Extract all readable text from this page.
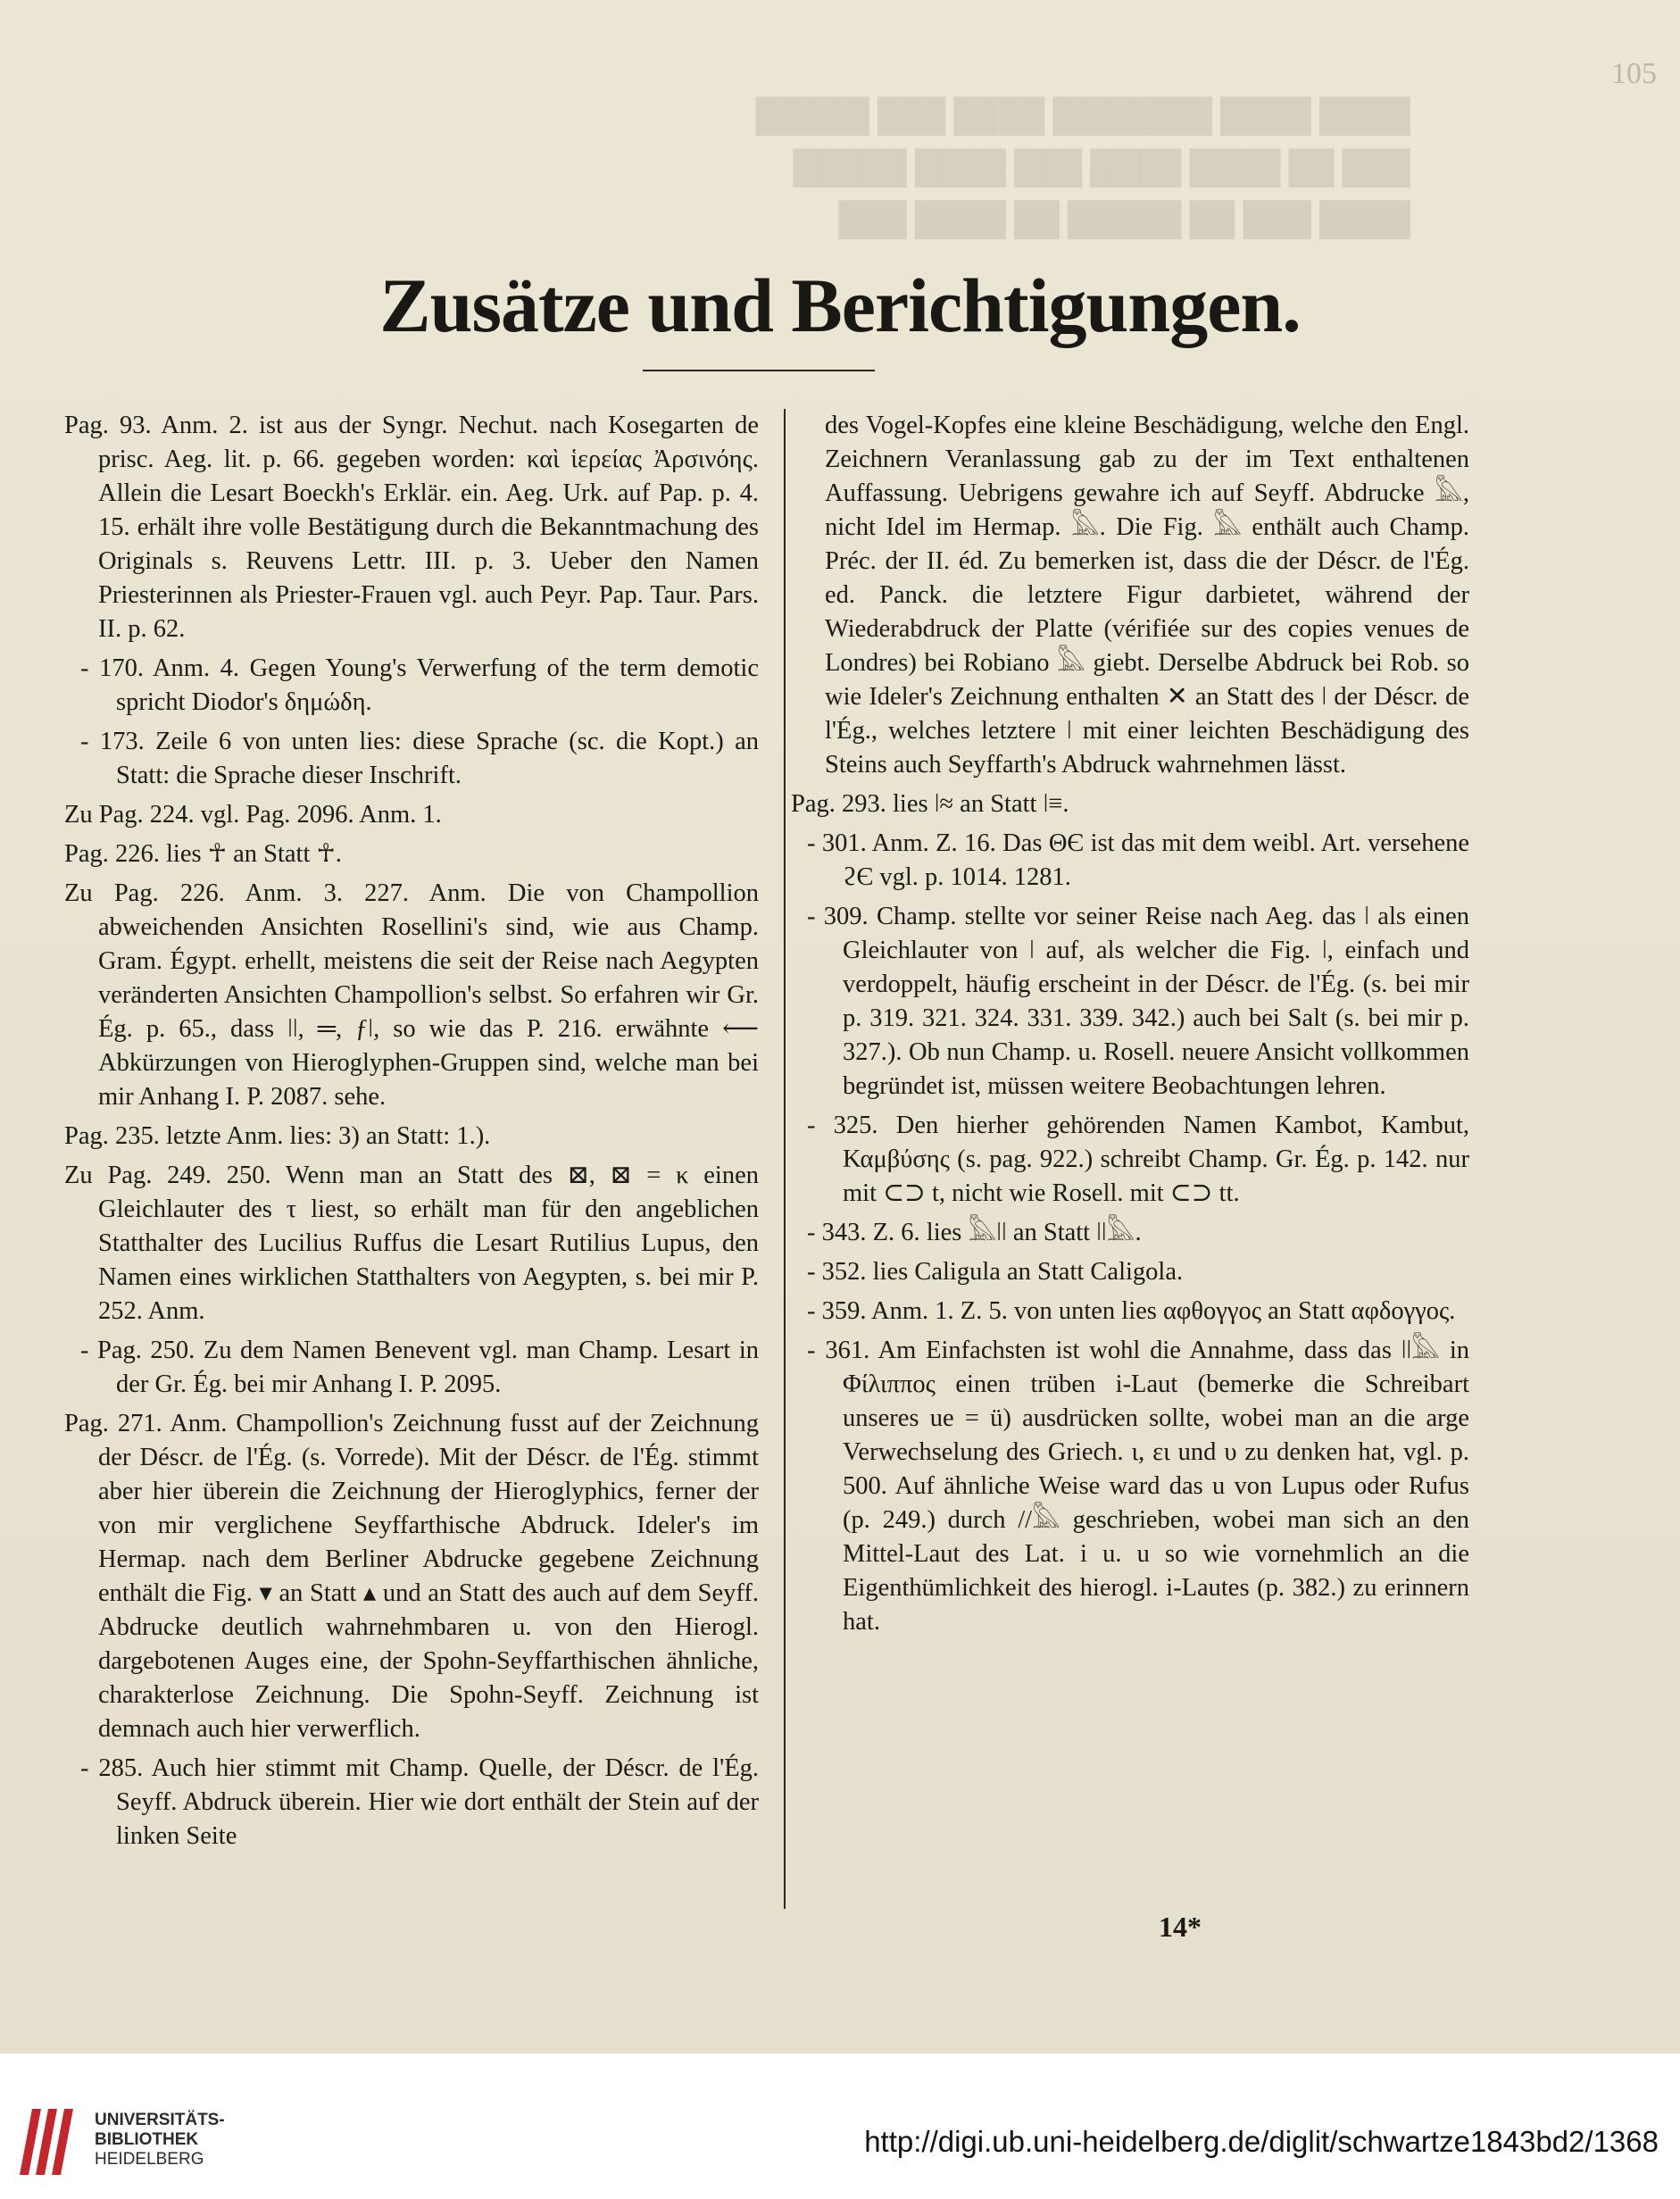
████ ████ ███████ ████ ███ █████
███ ██ ████ ████ ███ ████ █████
████ ███ ██ █████ ██ ████ ███
105
Zusätze und Berichtigungen.

Pag. 93. Anm. 2. ist aus der Syngr. Nechut. nach Kosegarten de prisc. Aeg. lit. p. 66. gegeben worden: καὶ ἱερείας Ἀρσινόης. Allein die Lesart Boeckh's Erklär. ein. Aeg. Urk. auf Pap. p. 4. 15. erhält ihre volle Bestätigung durch die Bekanntmachung des Originals s. Reuvens Lettr. III. p. 3. Ueber den Namen Priesterinnen als Priester-Frauen vgl. auch Peyr. Pap. Taur. Pars. II. p. 62.

- 170. Anm. 4. Gegen Young's Verwerfung of the term demotic spricht Diodor's δημώδη.

- 173. Zeile 6 von unten lies: diese Sprache (sc. die Kopt.) an Statt: die Sprache dieser Inschrift.

Zu Pag. 224. vgl. Pag. 2096. Anm. 1.

Pag. 226. lies ☥ an Statt ☥.

Zu Pag. 226. Anm. 3. 227. Anm. Die von Champollion abweichenden Ansichten Rosellini's sind, wie aus Champ. Gram. Égypt. erhellt, meistens die seit der Reise nach Aegypten veränderten Ansichten Champollion's selbst. So erfahren wir Gr. Ég. p. 65., dass ǀǀ, ═, ƒǀ, so wie das P. 216. erwähnte ⟵ Abkürzungen von Hieroglyphen-Gruppen sind, welche man bei mir Anhang I. P. 2087. sehe.

Pag. 235. letzte Anm. lies: 3) an Statt: 1.).

Zu Pag. 249. 250. Wenn man an Statt des ⊠, ⊠ = κ einen Gleichlauter des τ liest, so erhält man für den angeblichen Statthalter des Lucilius Ruffus die Lesart Rutilius Lupus, den Namen eines wirklichen Statthalters von Aegypten, s. bei mir P. 252. Anm.

- Pag. 250. Zu dem Namen Benevent vgl. man Champ. Lesart in der Gr. Ég. bei mir Anhang I. P. 2095.

Pag. 271. Anm. Champollion's Zeichnung fusst auf der Zeichnung der Déscr. de l'Ég. (s. Vorrede). Mit der Déscr. de l'Ég. stimmt aber hier überein die Zeichnung der Hieroglyphics, ferner der von mir verglichene Seyffarthische Abdruck. Ideler's im Hermap. nach dem Berliner Abdrucke gegebene Zeichnung enthält die Fig. ▾ an Statt ▴ und an Statt des auch auf dem Seyff. Abdrucke deutlich wahrnehmbaren u. von den Hierogl. dargebotenen Auges eine, der Spohn-Seyffarthischen ähnliche, charakterlose Zeichnung. Die Spohn-Seyff. Zeichnung ist demnach auch hier verwerflich.

- 285. Auch hier stimmt mit Champ. Quelle, der Déscr. de l'Ég. Seyff. Abdruck überein. Hier wie dort enthält der Stein auf der linken Seite

des Vogel-Kopfes eine kleine Beschädigung, welche den Engl. Zeichnern Veranlassung gab zu der im Text enthaltenen Auffassung. Uebrigens gewahre ich auf Seyff. Abdrucke 𓅓, nicht Idel im Hermap. 𓅓. Die Fig. 𓅓 enthält auch Champ. Préc. der II. éd. Zu bemerken ist, dass die der Déscr. de l'Ég. ed. Panck. die letztere Figur darbietet, während der Wiederabdruck der Platte (vérifiée sur des copies venues de Londres) bei Robiano 𓅓 giebt. Derselbe Abdruck bei Rob. so wie Ideler's Zeichnung enthalten ✕ an Statt des ǀ der Déscr. de l'Ég., welches letztere ǀ mit einer leichten Beschädigung des Steins auch Seyffarth's Abdruck wahrnehmen lässt.

Pag. 293. lies ǀ≈ an Statt ǀ≡.

- 301. Anm. Z. 16. Das ΘЄ ist das mit dem weibl. Art. versehene ϩЄ vgl. p. 1014. 1281.

- 309. Champ. stellte vor seiner Reise nach Aeg. das ǀ als einen Gleichlauter von ǀ auf, als welcher die Fig. ǀ, einfach und verdoppelt, häufig erscheint in der Déscr. de l'Ég. (s. bei mir p. 319. 321. 324. 331. 339. 342.) auch bei Salt (s. bei mir p. 327.). Ob nun Champ. u. Rosell. neuere Ansicht vollkommen begründet ist, müssen weitere Beobachtungen lehren.

- 325. Den hierher gehörenden Namen Kambot, Kambut, Καμβύσης (s. pag. 922.) schreibt Champ. Gr. Ég. p. 142. nur mit ⊂⊃ t, nicht wie Rosell. mit ⊂⊃ tt.

- 343. Z. 6. lies 𓅓ǀǀ an Statt ǀǀ𓅓.

- 352. lies Caligula an Statt Caligola.

- 359. Anm. 1. Z. 5. von unten lies αφθογγος an Statt αφδογγος.

- 361. Am Einfachsten ist wohl die Annahme, dass das ǀǀ𓅓 in Φίλιππος einen trüben i-Laut (bemerke die Schreibart unseres ue = ü) ausdrücken sollte, wobei man an die arge Verwechselung des Griech. ι, ει und υ zu denken hat, vgl. p. 500. Auf ähnliche Weise ward das u von Lupus oder Rufus (p. 249.) durch //𓅓 geschrieben, wobei man sich an den Mittel-Laut des Lat. i u. u so wie vornehmlich an die Eigenthümlichkeit des hierogl. i-Lautes (p. 382.) zu erinnern hat.

14*
UNIVERSITÄTS-
BIBLIOTHEK
HEIDELBERG
http://digi.ub.uni-heidelberg.de/diglit/schwartze1843bd2/1368
